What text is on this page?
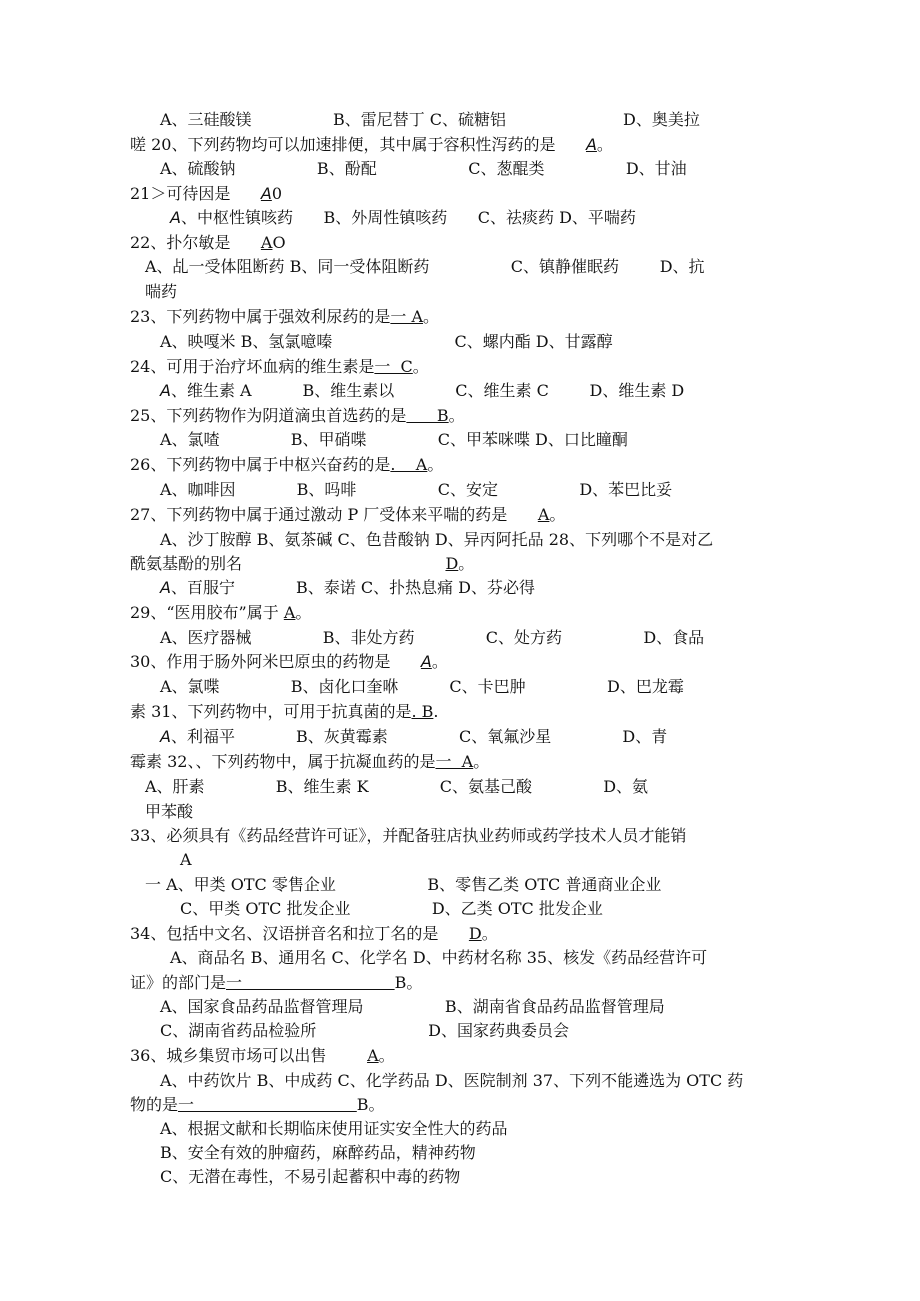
A、三硅酸镁                B、雷尼替丁 C、硫糖铝                       D、奥美拉
嗟 20、下列药物均可以加速排便，其中属于容积性泻药的是      A。
A、硫酸钠                B、酚配                  C、葱醌类                D、甘油
21＞可待因是      A0
A、中枢性镇咳药      B、外周性镇咳药      C、祛痰药 D、平喘药
22、扑尔敏是      AO
A、乩一受体阻断药 B、同一受体阻断药                C、镇静催眠药        D、抗
喘药
23、下列药物中属于强效利尿药的是一 A。
A、映嘎米 B、氢氯噫嗪                        C、螺内酯 D、甘露醇
24、可用于治疗坏血病的维生素是一  C。
A、维生素 A          B、维生素以            C、维生素 C        D、维生素 D
25、下列药物作为阴道滴虫首选药的是      B。
A、氯喳              B、甲硝喋              C、甲苯咪喋 D、口比瞳酮
26、下列药物中属于中枢兴奋药的是.    A。
A、咖啡因            B、吗啡                C、安定                D、苯巴比妥
27、下列药物中属于通过激动 P 厂受体来平喘的药是      A。
A、沙丁胺醇 B、氨茶碱 C、色昔酸钠 D、异丙阿托品 28、下列哪个不是对乙
酰氨基酚的别名                                        D。
A、百服宁            B、泰诺 C、扑热息痛 D、芬必得
29、“医用胶布”属于 A。
A、医疗器械              B、非处方药              C、处方药                D、食品
30、作用于肠外阿米巴原虫的药物是      A。
A、氯喋              B、卤化口奎咻          C、卡巴肿                D、巴龙霉
素 31、下列药物中，可用于抗真菌的是. B.
A、利福平            B、灰黄霉素              C、氧氟沙星              D、青
霉素 32、、下列药物中，属于抗凝血药的是一  A。
A、肝素              B、维生素 K              C、氨基己酸              D、氨
甲苯酸
33、必须具有《药品经营许可证》，并配备驻店执业药师或药学技术人员才能销
A
一 A、甲类 OTC 零售企业                  B、零售乙类 OTC 普通商业企业
C、甲类 OTC 批发企业                D、乙类 OTC 批发企业
34、包括中文名、汉语拼音名和拉丁名的是      D。
A、商品名 B、通用名 C、化学名 D、中药材名称 35、核发《药品经营许可
证》的部门是一                              B。
A、国家食品药品监督管理局                B、湖南省食品药品监督管理局
C、湖南省药品检验所                      D、国家药典委员会
36、城乡集贸市场可以出售        A。
A、中药饮片 B、中成药 C、化学药品 D、医院制剂 37、下列不能遴选为 OTC 药
物的是一                                B。
A、根据文献和长期临床使用证实安全性大的药品
B、安全有效的肿瘤药，麻醉药品，精神药物
C、无潜在毒性，不易引起蓄积中毒的药物
